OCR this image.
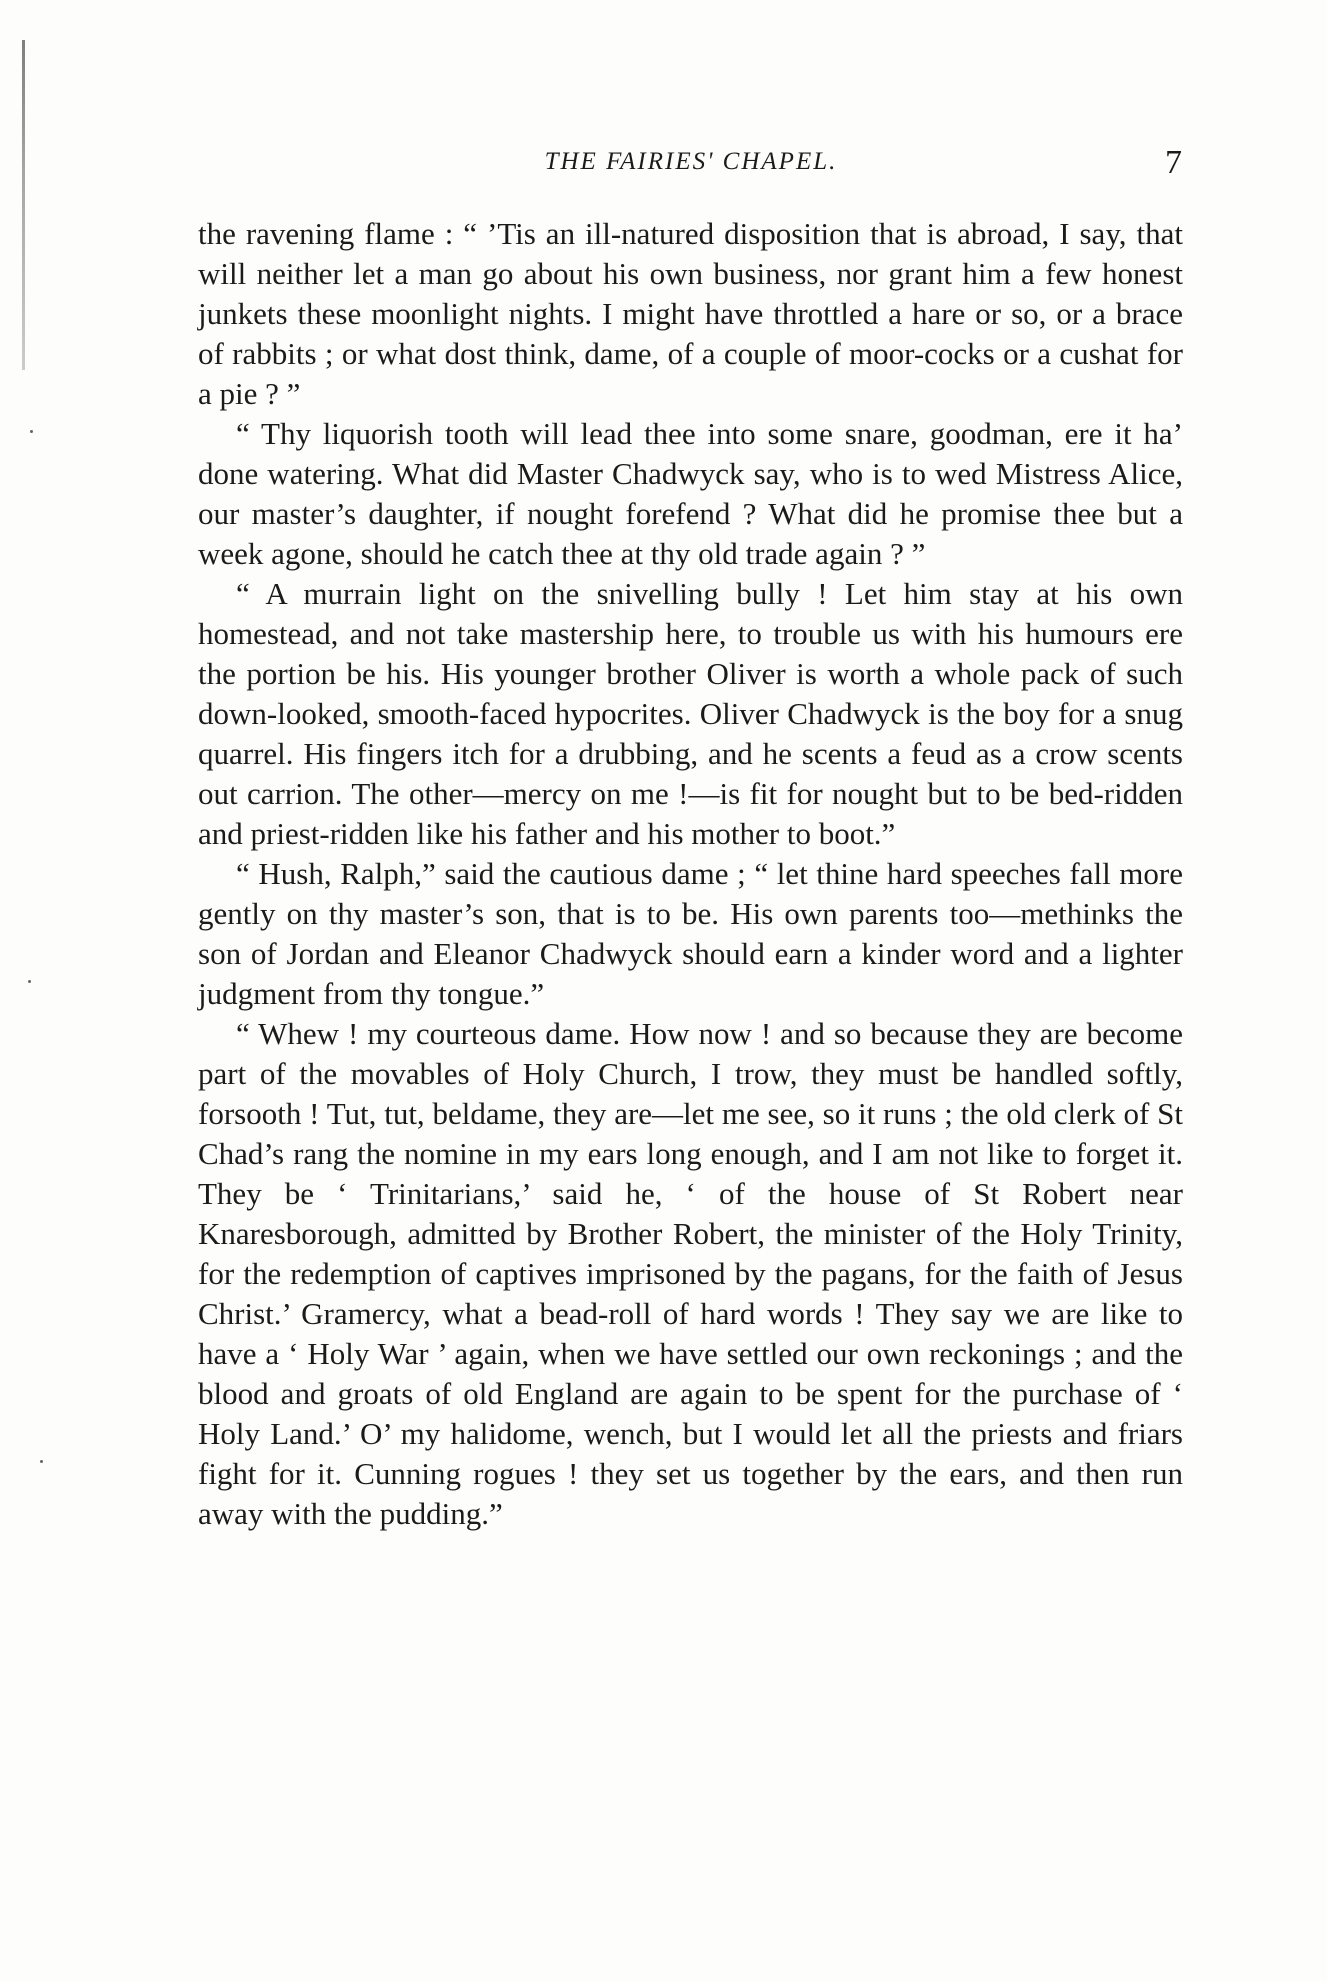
THE FAIRIES' CHAPEL.	7

the ravening flame : “ ’Tis an ill-natured disposition that is abroad, I say, that will neither let a man go about his own business, nor grant him a few honest junkets these moonlight nights. I might have throttled a hare or so, or a brace of rabbits ; or what dost think, dame, of a couple of moor-cocks or a cushat for a pie ? ”

“ Thy liquorish tooth will lead thee into some snare, goodman, ere it ha’ done watering. What did Master Chadwyck say, who is to wed Mistress Alice, our master’s daughter, if nought forefend ? What did he promise thee but a week agone, should he catch thee at thy old trade again ? ”

“ A murrain light on the snivelling bully ! Let him stay at his own homestead, and not take mastership here, to trouble us with his humours ere the portion be his. His younger brother Oliver is worth a whole pack of such down-looked, smooth-faced hypocrites. Oliver Chadwyck is the boy for a snug quarrel. His fingers itch for a drubbing, and he scents a feud as a crow scents out carrion. The other—mercy on me !—is fit for nought but to be bed-ridden and priest-ridden like his father and his mother to boot.”

“ Hush, Ralph,” said the cautious dame ; “ let thine hard speeches fall more gently on thy master’s son, that is to be. His own parents too—methinks the son of Jordan and Eleanor Chadwyck should earn a kinder word and a lighter judgment from thy tongue.”

“ Whew ! my courteous dame. How now ! and so because they are become part of the movables of Holy Church, I trow, they must be handled softly, forsooth ! Tut, tut, beldame, they are—let me see, so it runs ; the old clerk of St Chad’s rang the nomine in my ears long enough, and I am not like to forget it. They be ‘ Trinitarians,’ said he, ‘ of the house of St Robert near Knaresborough, admitted by Brother Robert, the minister of the Holy Trinity, for the redemption of captives imprisoned by the pagans, for the faith of Jesus Christ.’ Gramercy, what a bead-roll of hard words ! They say we are like to have a ‘ Holy War ’ again, when we have settled our own reckonings ; and the blood and groats of old England are again to be spent for the purchase of ‘ Holy Land.’ O’ my halidome, wench, but I would let all the priests and friars fight for it. Cunning rogues ! they set us together by the ears, and then run away with the pudding.”
